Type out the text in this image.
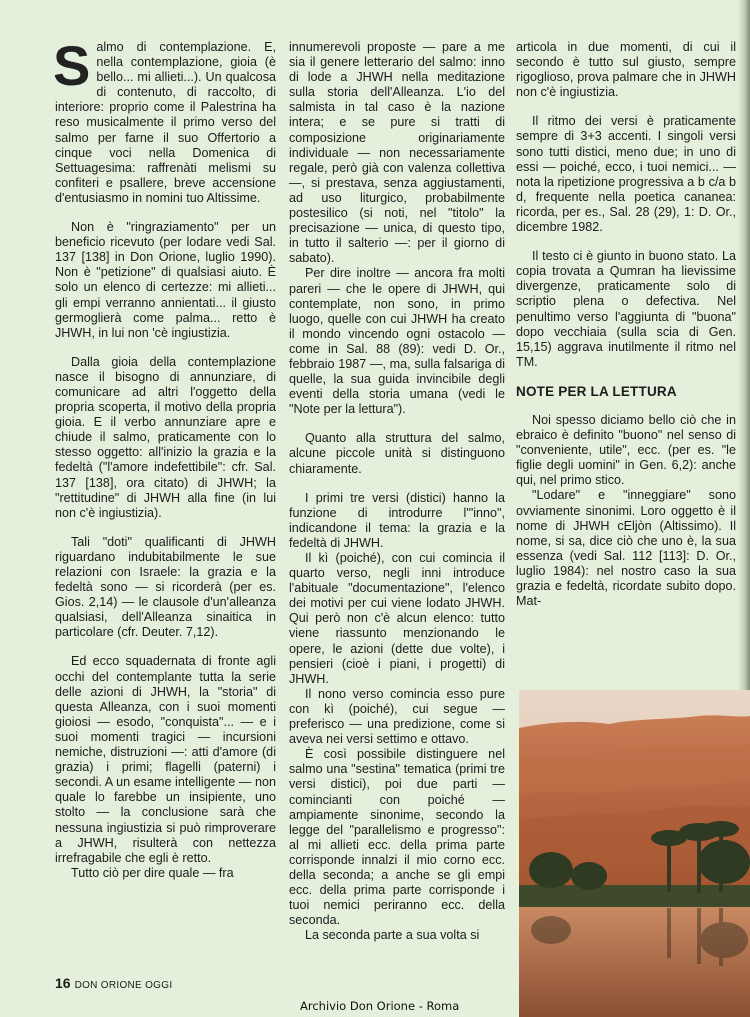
Salmo di contemplazione. E, nella contemplazione, gioia (è bello... mi allieti...). Un qualcosa di contenuto, di raccolto, di interiore: proprio come il Palestrina ha reso musicalmente il primo verso del salmo per farne il suo Offertorio a cinque voci nella Domenica di Settuagesima: raffrenàti melismi su confiteri e psallere, breve accensione d'entusiasmo in nomini tuo Altissime.

Non è "ringraziamento" per un beneficio ricevuto (per lodare vedi Sal. 137 [138] in Don Orione, luglio 1990). Non è "petizione" di qualsiasi aiuto. È solo un elenco di certezze: mi allieti... gli empi verranno annientati... il giusto germoglierà come palma... retto è JHWH, in lui non 'cè ingiustizia.

Dalla gioia della contemplazione nasce il bisogno di annunziare, di comunicare ad altri l'oggetto della propria scoperta, il motivo della propria gioia. E il verbo annunziare apre e chiude il salmo, praticamente con lo stesso oggetto: all'inizio la grazia e la fedeltà ("l'amore indefettibile": cfr. Sal. 137 [138], ora citato) di JHWH; la "rettitudine" di JHWH alla fine (in lui non c'è ingiustizia).

Tali "doti" qualificanti di JHWH riguardano indubitabilmente le sue relazioni con Israele: la grazia e la fedeltà sono — si ricorderà (per es. Gios. 2,14) — le clausole d'un'alleanza qualsiasi, dell'Alleanza sinaitica in particolare (cfr. Deuter. 7,12).

Ed ecco squadernata di fronte agli occhi del contemplante tutta la serie delle azioni di JHWH, la "storia" di questa Alleanza, con i suoi momenti gioiosi — esodo, "conquista"... — e i suoi momenti tragici — incursioni nemiche, distruzioni —: atti d'amore (di grazia) i primi; flagelli (paterni) i secondi. A un esame intelligente — non quale lo farebbe un insipiente, uno stolto — la conclusione sarà che nessuna ingiustizia si può rimproverare a JHWH, risulterà con nettezza irrefragabile che egli è retto.

Tutto ciò per dire quale — fra

innumerevoli proposte — pare a me sia il genere letterario del salmo: inno di lode a JHWH nella meditazione sulla storia dell'Alleanza. L'io del salmista in tal caso è la nazione intera; e se pure si tratti di composizione originariamente individuale — non necessariamente regale, però già con valenza collettiva —, si prestava, senza aggiustamenti, ad uso liturgico, probabilmente postesilico (si noti, nel "titolo" la precisazione — unica, di questo tipo, in tutto il salterio —: per il giorno di sabato).

Per dire inoltre — ancora fra molti pareri — che le opere di JHWH, qui contemplate, non sono, in primo luogo, quelle con cui JHWH ha creato il mondo vincendo ogni ostacolo — come in Sal. 88 (89): vedi D. Or., febbraio 1987 —, ma, sulla falsariga di quelle, la sua guida invincibile degli eventi della storia umana (vedi le "Note per la lettura").

Quanto alla struttura del salmo, alcune piccole unità si distinguono chiaramente.

I primi tre versi (distici) hanno la funzione di introdurre l'"inno", indicandone il tema: la grazia e la fedeltà di JHWH.

Il kì (poiché), con cui comincia il quarto verso, negli inni introduce l'abituale "documentazione", l'elenco dei motivi per cui viene lodato JHWH. Qui però non c'è alcun elenco: tutto viene riassunto menzionando le opere, le azioni (dette due volte), i pensieri (cioè i piani, i progetti) di JHWH.

Il nono verso comincia esso pure con kì (poiché), cui segue — preferisco — una predizione, come si aveva nei versi settimo e ottavo.

È così possibile distinguere nel salmo una "sestina" tematica (primi tre versi distici), poi due parti — comincianti con poiché — ampiamente sinonime, secondo la legge del "parallelismo e progresso": al mi allieti ecc. della prima parte corrisponde innalzi il mio corno ecc. della seconda; a anche se gli empi ecc. della prima parte corrisponde i tuoi nemici periranno ecc. della seconda.

La seconda parte a sua volta si

articola in due momenti, di cui il secondo è tutto sul giusto, sempre rigoglioso, prova palmare che in JHWH non c'è ingiustizia.

Il ritmo dei versi è praticamente sempre di 3+3 accenti. I singoli versi sono tutti distici, meno due; in uno di essi — poiché, ecco, i tuoi nemici... — nota la ripetizione progressiva a b c/a b d, frequente nella poetica cananea: ricorda, per es., Sal. 28 (29), 1: D. Or., dicembre 1982.

Il testo ci è giunto in buono stato. La copia trovata a Qumran ha lievissime divergenze, praticamente solo di scriptio plena o defectiva. Nel penultimo verso l'aggiunta di "buona" dopo vecchiaia (sulla scia di Gen. 15,15) aggrava inutilmente il ritmo nel TM.

NOTE PER LA LETTURA

Noi spesso diciamo bello ciò che in ebraico è definito "buono" nel senso di "conveniente, utile", ecc. (per es. "le figlie degli uomini" in Gen. 6,2): anche qui, nel primo stico.

"Lodare" e "inneggiare" sono ovviamente sinonimi. Loro oggetto è il nome di JHWH cEljòn (Altissimo). Il nome, si sa, dice ciò che uno è, la sua essenza (vedi Sal. 112 [113]: D. Or., luglio 1984): nel nostro caso la sua grazia e fedeltà, ricordate subito dopo. Mat-

16 DON ORIONE OGGI
Archivio Don Orione - Roma
